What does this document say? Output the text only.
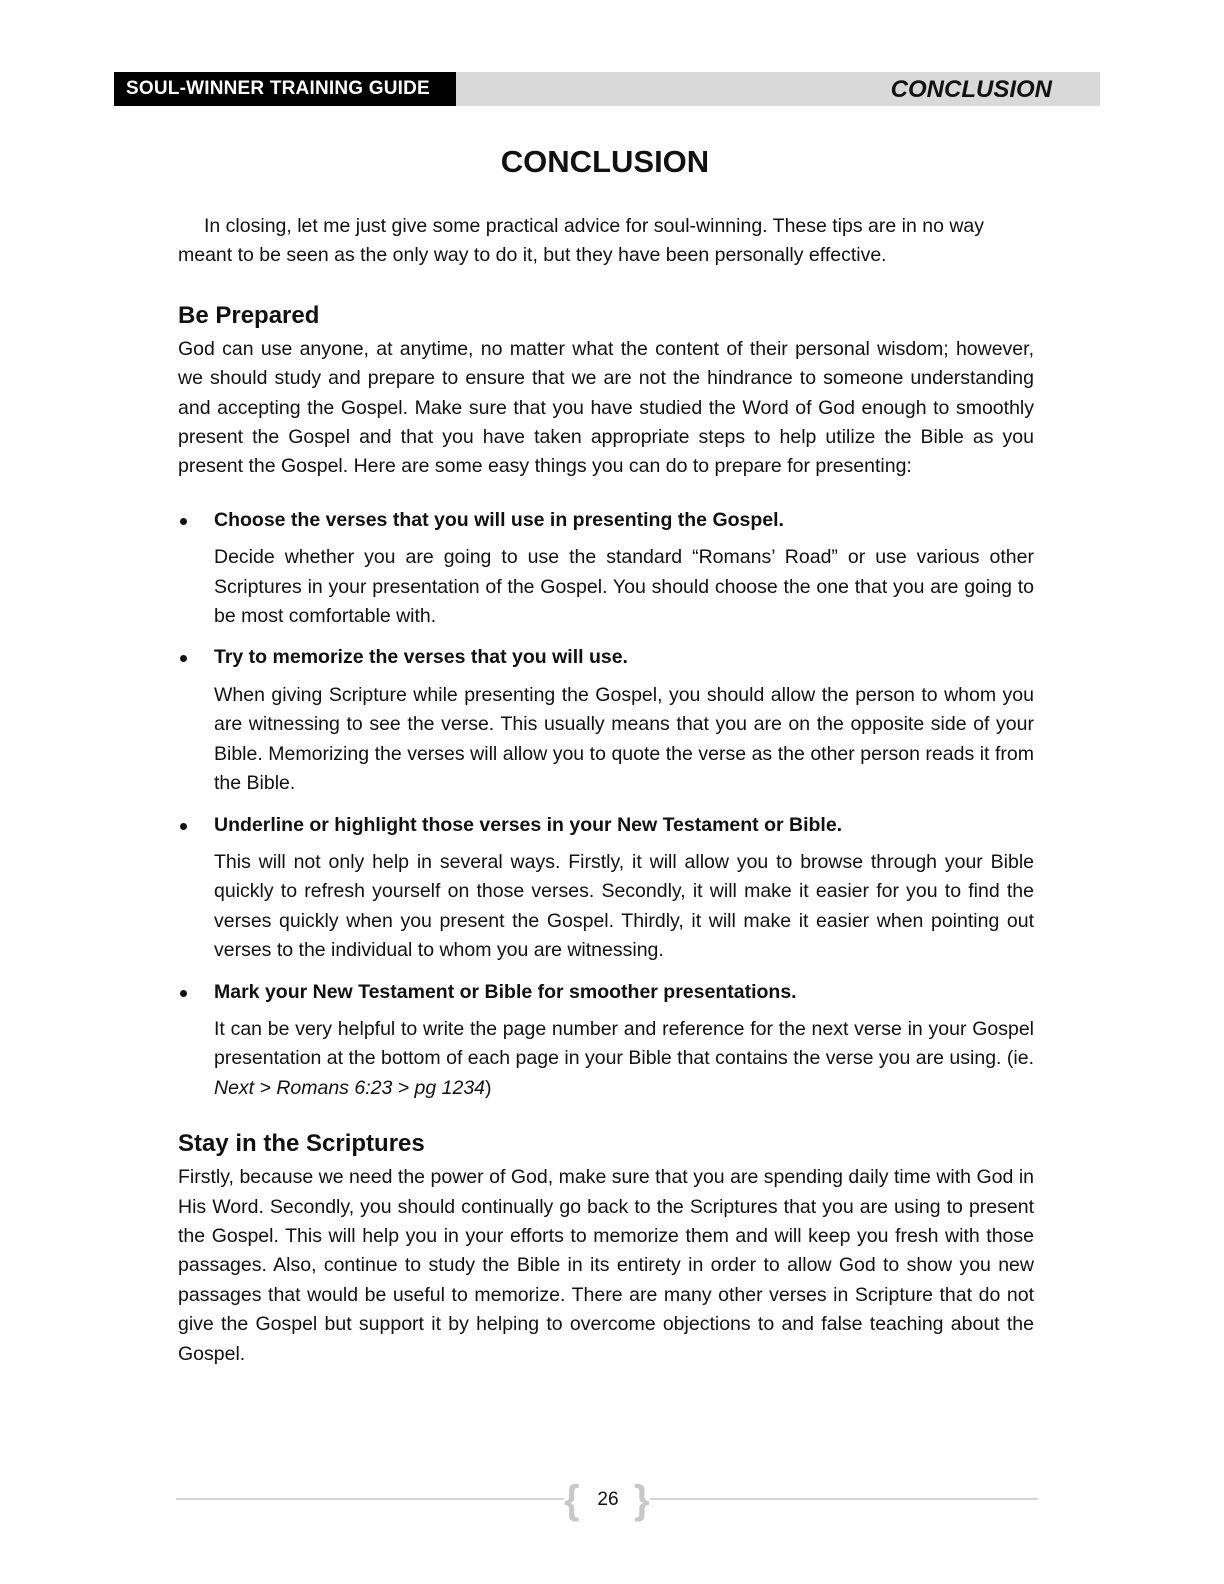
SOUL-WINNER TRAINING GUIDE	CONCLUSION
CONCLUSION

In closing, let me just give some practical advice for soul-winning. These tips are in no way meant to be seen as the only way to do it, but they have been personally effective.

Be Prepared

God can use anyone, at anytime, no matter what the content of their personal wisdom; however, we should study and prepare to ensure that we are not the hindrance to someone understanding and accepting the Gospel. Make sure that you have studied the Word of God enough to smoothly present the Gospel and that you have taken appropriate steps to help utilize the Bible as you present the Gospel. Here are some easy things you can do to prepare for presenting:

Choose the verses that you will use in presenting the Gospel.
Decide whether you are going to use the standard “Romans’ Road” or use various other Scriptures in your presentation of the Gospel. You should choose the one that you are going to be most comfortable with.
Try to memorize the verses that you will use.
When giving Scripture while presenting the Gospel, you should allow the person to whom you are witnessing to see the verse. This usually means that you are on the opposite side of your Bible. Memorizing the verses will allow you to quote the verse as the other person reads it from the Bible.
Underline or highlight those verses in your New Testament or Bible.
This will not only help in several ways. Firstly, it will allow you to browse through your Bible quickly to refresh yourself on those verses. Secondly, it will make it easier for you to find the verses quickly when you present the Gospel. Thirdly, it will make it easier when pointing out verses to the individual to whom you are witnessing.
Mark your New Testament or Bible for smoother presentations.
It can be very helpful to write the page number and reference for the next verse in your Gospel presentation at the bottom of each page in your Bible that contains the verse you are using. (ie. Next > Romans 6:23 > pg 1234)
Stay in the Scriptures

Firstly, because we need the power of God, make sure that you are spending daily time with God in His Word. Secondly, you should continually go back to the Scriptures that you are using to present the Gospel. This will help you in your efforts to memorize them and will keep you fresh with those passages. Also, continue to study the Bible in its entirety in order to allow God to show you new passages that would be useful to memorize. There are many other verses in Scripture that do not give the Gospel but support it by helping to overcome objections to and false teaching about the Gospel.

{ 26 }
